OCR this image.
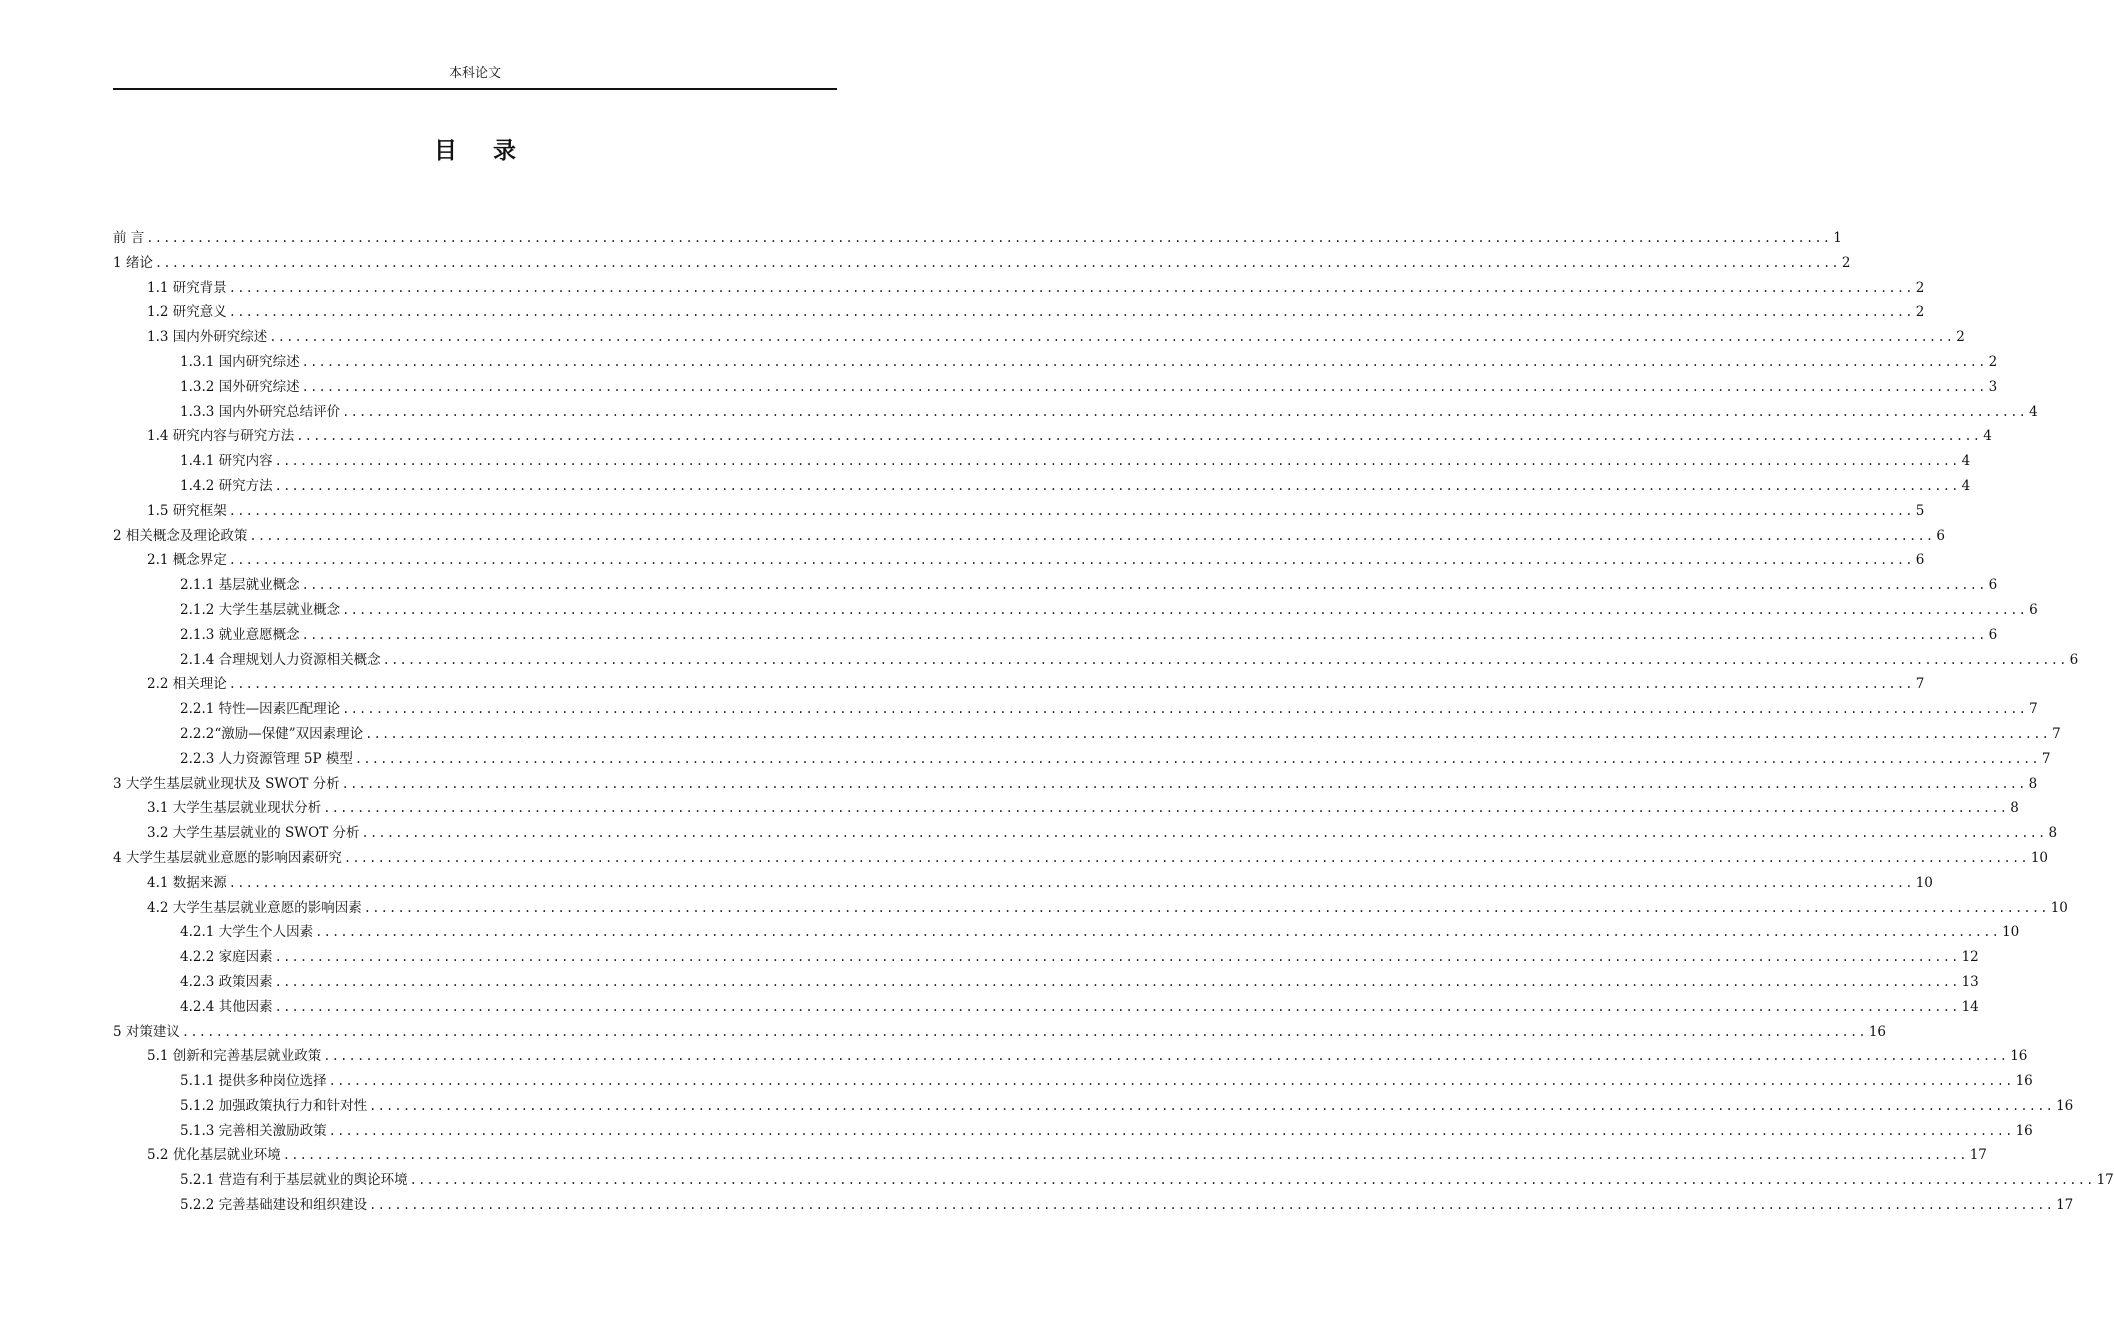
本科论文
目 录
前 言 ........................................................................................................................................................................................................ 1
1 绪论 ........................................................................................................................................................................................................ 2
1.1 研究背景 ........................................................................................................................................................................................................ 2
1.2 研究意义 ........................................................................................................................................................................................................ 2
1.3 国内外研究综述 ........................................................................................................................................................................................................ 2
1.3.1 国内研究综述 ........................................................................................................................................................................................................ 2
1.3.2 国外研究综述 ........................................................................................................................................................................................................ 3
1.3.3 国内外研究总结评价 ........................................................................................................................................................................................................ 4
1.4 研究内容与研究方法 ........................................................................................................................................................................................................ 4
1.4.1 研究内容 ........................................................................................................................................................................................................ 4
1.4.2 研究方法 ........................................................................................................................................................................................................ 4
1.5 研究框架 ........................................................................................................................................................................................................ 5
2 相关概念及理论政策 ........................................................................................................................................................................................................ 6
2.1 概念界定 ........................................................................................................................................................................................................ 6
2.1.1 基层就业概念 ........................................................................................................................................................................................................ 6
2.1.2 大学生基层就业概念 ........................................................................................................................................................................................................ 6
2.1.3 就业意愿概念 ........................................................................................................................................................................................................ 6
2.1.4 合理规划人力资源相关概念 ........................................................................................................................................................................................................ 6
2.2 相关理论 ........................................................................................................................................................................................................ 7
2.2.1 特性—因素匹配理论 ........................................................................................................................................................................................................ 7
2.2.2“激励—保健”双因素理论 ........................................................................................................................................................................................................ 7
2.2.3 人力资源管理 5P 模型 ........................................................................................................................................................................................................ 7
3 大学生基层就业现状及 SWOT 分析 ........................................................................................................................................................................................................ 8
3.1 大学生基层就业现状分析 ........................................................................................................................................................................................................ 8
3.2 大学生基层就业的 SWOT 分析 ........................................................................................................................................................................................................ 8
4 大学生基层就业意愿的影响因素研究 ........................................................................................................................................................................................................ 10
4.1 数据来源 ........................................................................................................................................................................................................ 10
4.2 大学生基层就业意愿的影响因素 ........................................................................................................................................................................................................ 10
4.2.1 大学生个人因素 ........................................................................................................................................................................................................ 10
4.2.2 家庭因素 ........................................................................................................................................................................................................ 12
4.2.3 政策因素 ........................................................................................................................................................................................................ 13
4.2.4 其他因素 ........................................................................................................................................................................................................ 14
5 对策建议 ........................................................................................................................................................................................................ 16
5.1 创新和完善基层就业政策 ........................................................................................................................................................................................................ 16
5.1.1 提供多种岗位选择 ........................................................................................................................................................................................................ 16
5.1.2 加强政策执行力和针对性 ........................................................................................................................................................................................................ 16
5.1.3 完善相关激励政策 ........................................................................................................................................................................................................ 16
5.2 优化基层就业环境 ........................................................................................................................................................................................................ 17
5.2.1 营造有利于基层就业的舆论环境 ........................................................................................................................................................................................................ 17
5.2.2 完善基础建设和组织建设 ........................................................................................................................................................................................................ 17
